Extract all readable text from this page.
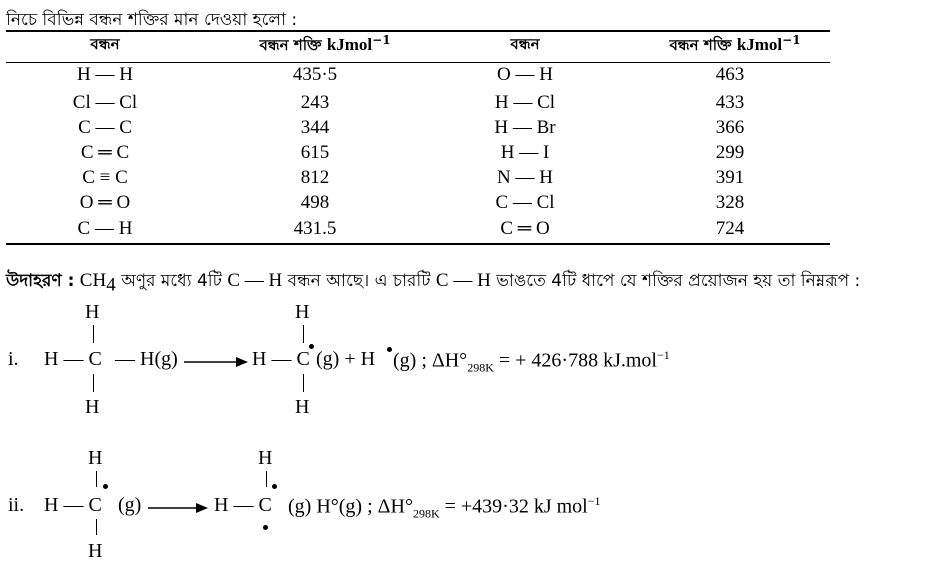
নিচে বিভিন্ন বন্ধন শক্তির মান দেওয়া হলো :
বন্ধন	বন্ধন শক্তি kJmol$^{-1}$	বন্ধন	বন্ধন শক্তি kJmol$^{-1}$
H — H	435·5	O — H	463
Cl — Cl	243	H — Cl	433
C — C	344	H — Br	366
C ═ C	615	H — I	299
C ≡ C	812	N — H	391
O ═ O	498	C — Cl	328
C — H	431.5	C ═ O	724
উদাহরণ : $CH_4$ অণুর মধ্যে 4টি C — H বন্ধন আছে। এ চারটি C — H ভাঙতে 4টি ধাপে যে শক্তির প্রয়োজন হয় তা নিম্নরূপ :
H
i. H — C — H(g)
H
H
H — C (g) + H (g) ; $\Delta H^\circ_{298K}$ = + 426·788 kJ.mol$^{-1}$
H
H
ii. H — C (g)
H
H
H — C (g) H°(g) ; $\Delta H^\circ_{298K} = +439\cdot 32$ kJ mol$^{-1}$
